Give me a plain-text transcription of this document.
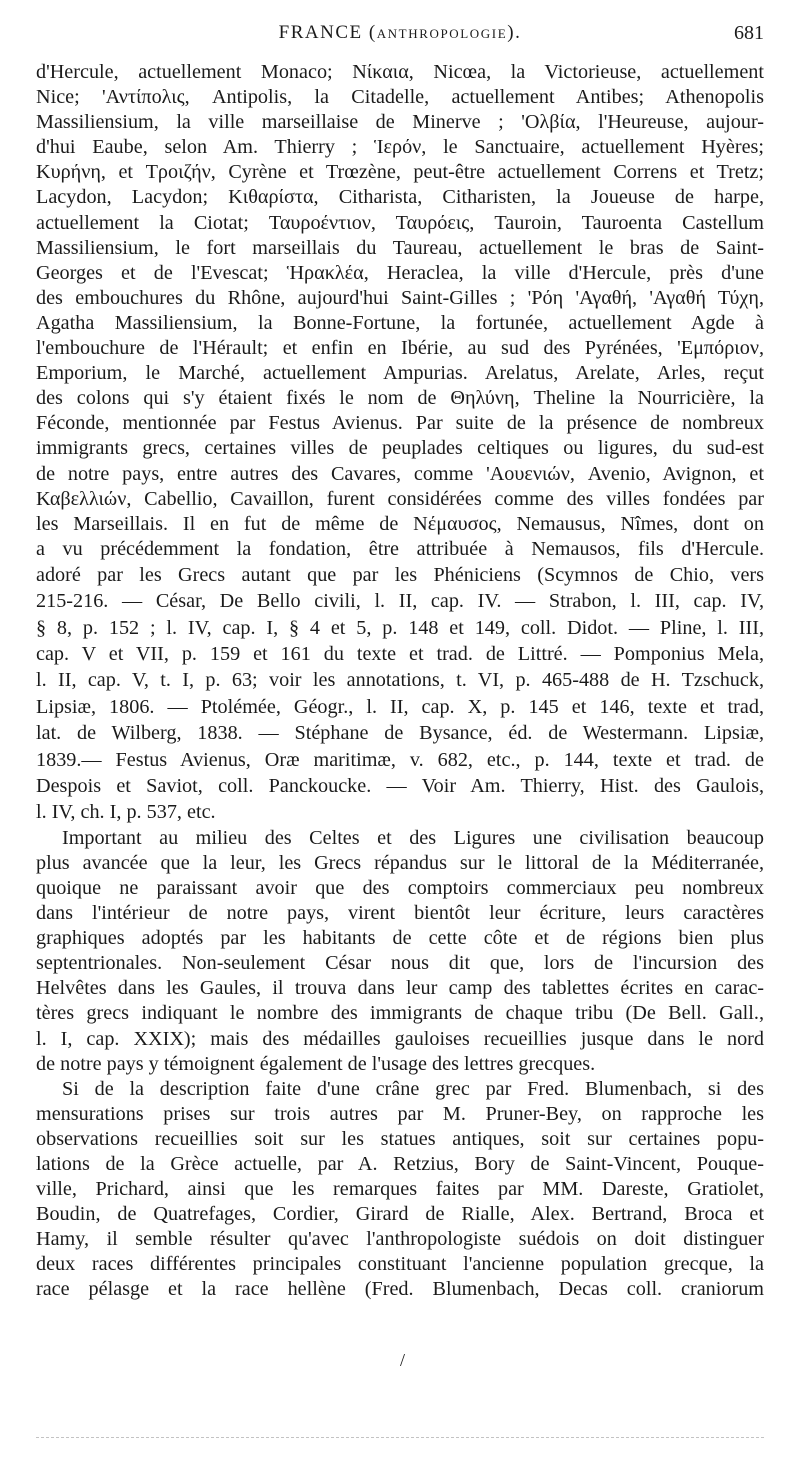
FRANCE (ANTHROPOLOGIE).	681
d'Hercule, actuellement Monaco; Νίκαια, Nicœa, la Victorieuse, actuellement
Nice; 'Αντίπολις, Antipolis, la Citadelle, actuellement Antibes; Athenopolis
Massiliensium, la ville marseillaise de Minerve ; 'Ολβία, l'Heureuse, aujour-
d'hui Eaube, selon Am. Thierry ; Ἱερόν, le Sanctuaire, actuellement Hyères;
Κυρήνη, et Τροιζήν, Cyrène et Trœzène, peut-être actuellement Correns et Tretz;
Lacydon, Lacydon; Κιθαρίστα, Citharista, Citharisten, la Joueuse de harpe,
actuellement la Ciotat; Ταυροέντιον, Ταυρόεις, Tauroin, Tauroenta Castellum
Massiliensium, le fort marseillais du Taureau, actuellement le bras de Saint-
Georges et de l'Evescat; Ἡρακλέα, Heraclea, la ville d'Hercule, près d'une
des embouchures du Rhône, aujourd'hui Saint-Gilles ; 'Ρόη 'Αγαθή, 'Αγαθή Τύχη,
Agatha Massiliensium, la Bonne-Fortune, la fortunée, actuellement Agde à
l'embouchure de l'Hérault; et enfin en Ibérie, au sud des Pyrénées, 'Εμπόριον,
Emporium, le Marché, actuellement Ampurias. Arelatus, Arelate, Arles, reçut
des colons qui s'y étaient fixés le nom de Θηλύνη, Theline la Nourricière, la
Féconde, mentionnée par Festus Avienus. Par suite de la présence de nombreux
immigrants grecs, certaines villes de peuplades celtiques ou ligures, du sud-est
de notre pays, entre autres des Cavares, comme 'Αουενιών, Avenio, Avignon, et
Καβελλιών, Cabellio, Cavaillon, furent considérées comme des villes fondées par
les Marseillais. Il en fut de même de Νέμαυσος, Nemausus, Nîmes, dont on
a vu précédemment la fondation, être attribuée à Nemausos, fils d'Hercule.
adoré par les Grecs autant que par les Phéniciens (Scymnos de Chio, vers
215-216. — César, De Bello civili, l. II, cap. IV. — Strabon, l. III, cap. IV,
§ 8, p. 152 ; l. IV, cap. I, § 4 et 5, p. 148 et 149, coll. Didot. — Pline, l. III,
cap. V et VII, p. 159 et 161 du texte et trad. de Littré. — Pomponius Mela,
l. II, cap. V, t. I, p. 63; voir les annotations, t. VI, p. 465-488 de H. Tzschuck,
Lipsiæ, 1806. — Ptolémée, Géogr., l. II, cap. X, p. 145 et 146, texte et trad,
lat. de Wilberg, 1838. — Stéphane de Bysance, éd. de Westermann. Lipsiæ,
1839.— Festus Avienus, Oræ maritimæ, v. 682, etc., p. 144, texte et trad. de
Despois et Saviot, coll. Panckoucke. — Voir Am. Thierry, Hist. des Gaulois,
l. IV, ch. I, p. 537, etc.
Important au milieu des Celtes et des Ligures une civilisation beaucoup
plus avancée que la leur, les Grecs répandus sur le littoral de la Méditerranée,
quoique ne paraissant avoir que des comptoirs commerciaux peu nombreux
dans l'intérieur de notre pays, virent bientôt leur écriture, leurs caractères
graphiques adoptés par les habitants de cette côte et de régions bien plus
septentrionales. Non-seulement César nous dit que, lors de l'incursion des
Helvêtes dans les Gaules, il trouva dans leur camp des tablettes écrites en carac-
tères grecs indiquant le nombre des immigrants de chaque tribu (De Bell. Gall.,
l. I, cap. XXIX); mais des médailles gauloises recueillies jusque dans le nord
de notre pays y témoignent également de l'usage des lettres grecques.
Si de la description faite d'une crâne grec par Fred. Blumenbach, si des
mensurations prises sur trois autres par M. Pruner-Bey, on rapproche les
observations recueillies soit sur les statues antiques, soit sur certaines popu-
lations de la Grèce actuelle, par A. Retzius, Bory de Saint-Vincent, Pouque-
ville, Prichard, ainsi que les remarques faites par MM. Dareste, Gratiolet,
Boudin, de Quatrefages, Cordier, Girard de Rialle, Alex. Bertrand, Broca et
Hamy, il semble résulter qu'avec l'anthropologiste suédois on doit distinguer
deux races différentes principales constituant l'ancienne population grecque, la
race pélasge et la race hellène (Fred. Blumenbach, Decas coll. craniorum
/
